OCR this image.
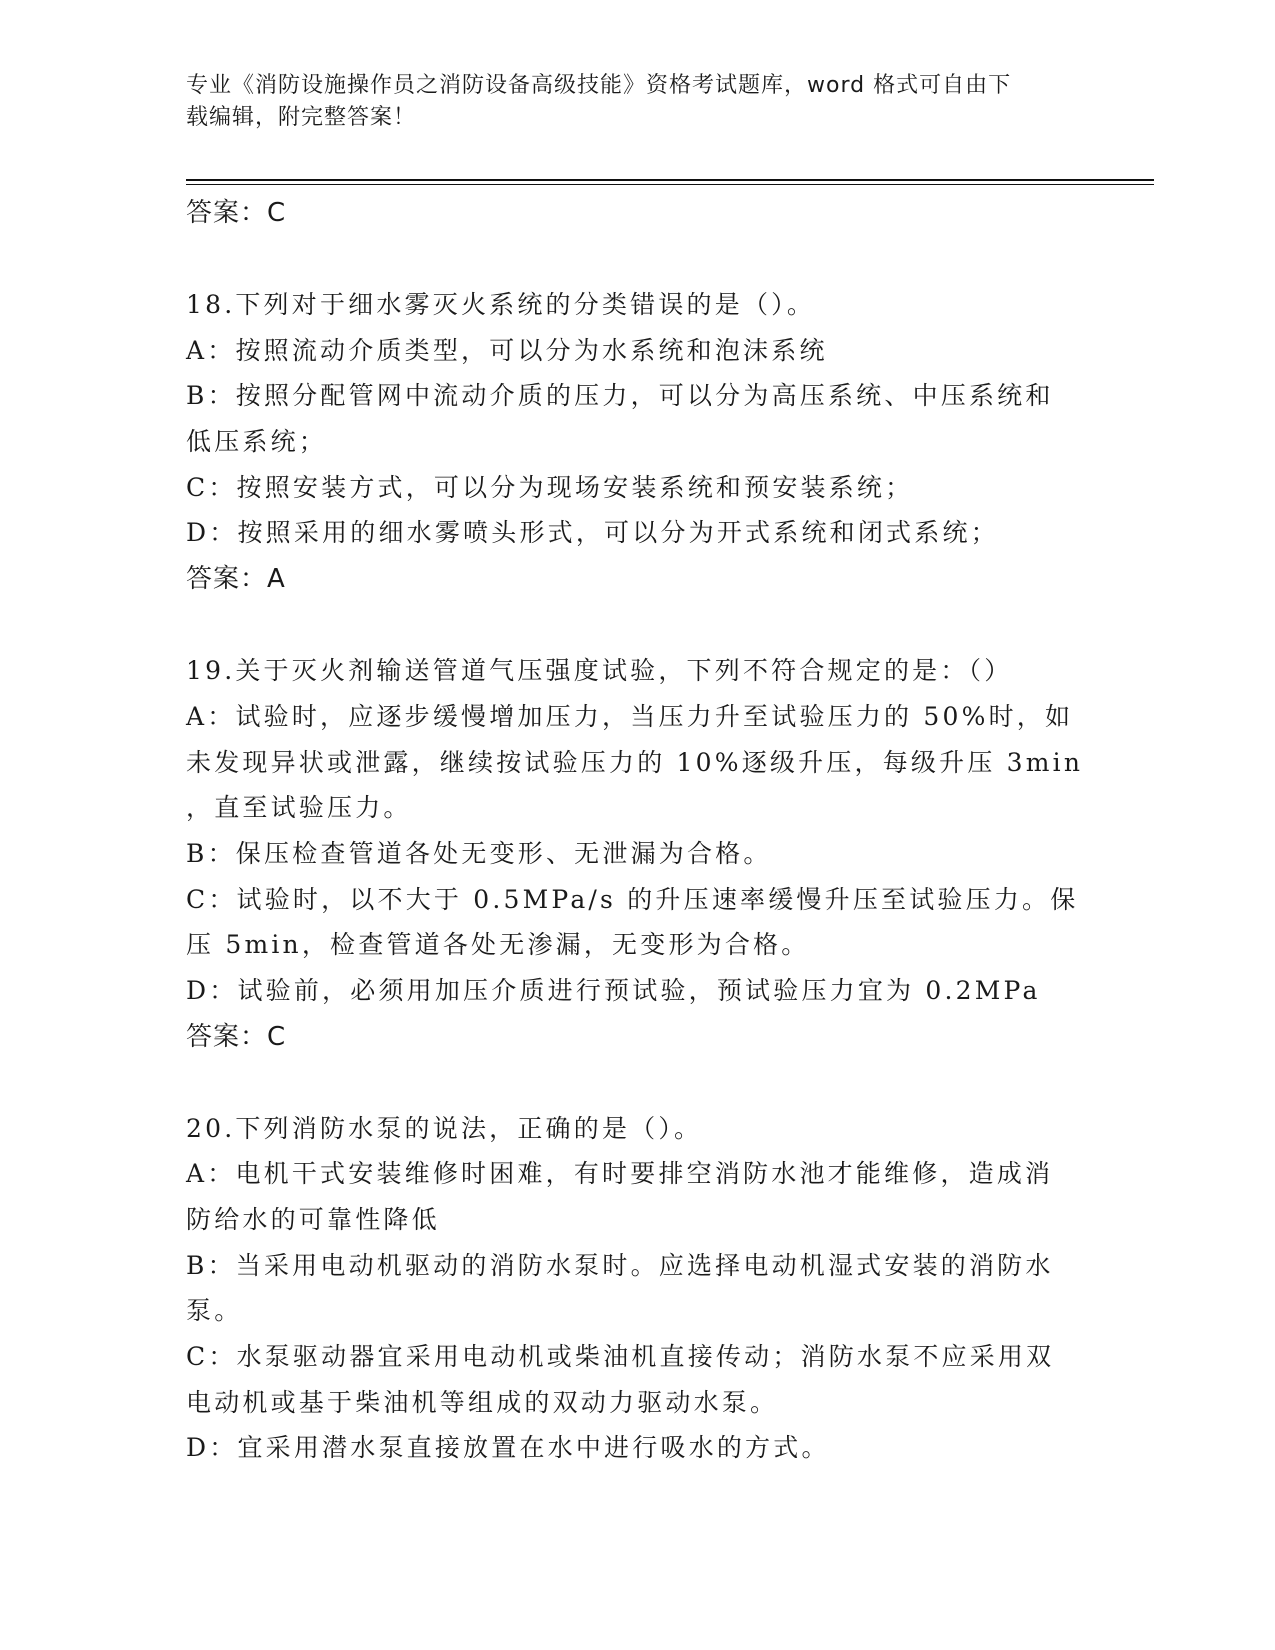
专业《消防设施操作员之消防设备高级技能》资格考试题库，word 格式可自由下
载编辑，附完整答案！
答案：C
18.下列对于细水雾灭火系统的分类错误的是（）。
A：按照流动介质类型，可以分为水系统和泡沫系统
B：按照分配管网中流动介质的压力，可以分为高压系统、中压系统和
低压系统；
C：按照安装方式，可以分为现场安装系统和预安装系统；
D：按照采用的细水雾喷头形式，可以分为开式系统和闭式系统；
答案：A
19.关于灭火剂输送管道气压强度试验，下列不符合规定的是：（）
A：试验时，应逐步缓慢增加压力，当压力升至试验压力的 50%时，如
未发现异状或泄露，继续按试验压力的 10%逐级升压，每级升压 3min
，直至试验压力。
B：保压检查管道各处无变形、无泄漏为合格。
C：试验时，以不大于 0.5MPa/s 的升压速率缓慢升压至试验压力。保
压 5min，检查管道各处无渗漏，无变形为合格。
D：试验前，必须用加压介质进行预试验，预试验压力宜为 0.2MPa
答案：C
20.下列消防水泵的说法，正确的是（）。
A：电机干式安装维修时困难，有时要排空消防水池才能维修，造成消
防给水的可靠性降低
B：当采用电动机驱动的消防水泵时。应选择电动机湿式安装的消防水
泵。
C：水泵驱动器宜采用电动机或柴油机直接传动；消防水泵不应采用双
电动机或基于柴油机等组成的双动力驱动水泵。
D：宜采用潜水泵直接放置在水中进行吸水的方式。
